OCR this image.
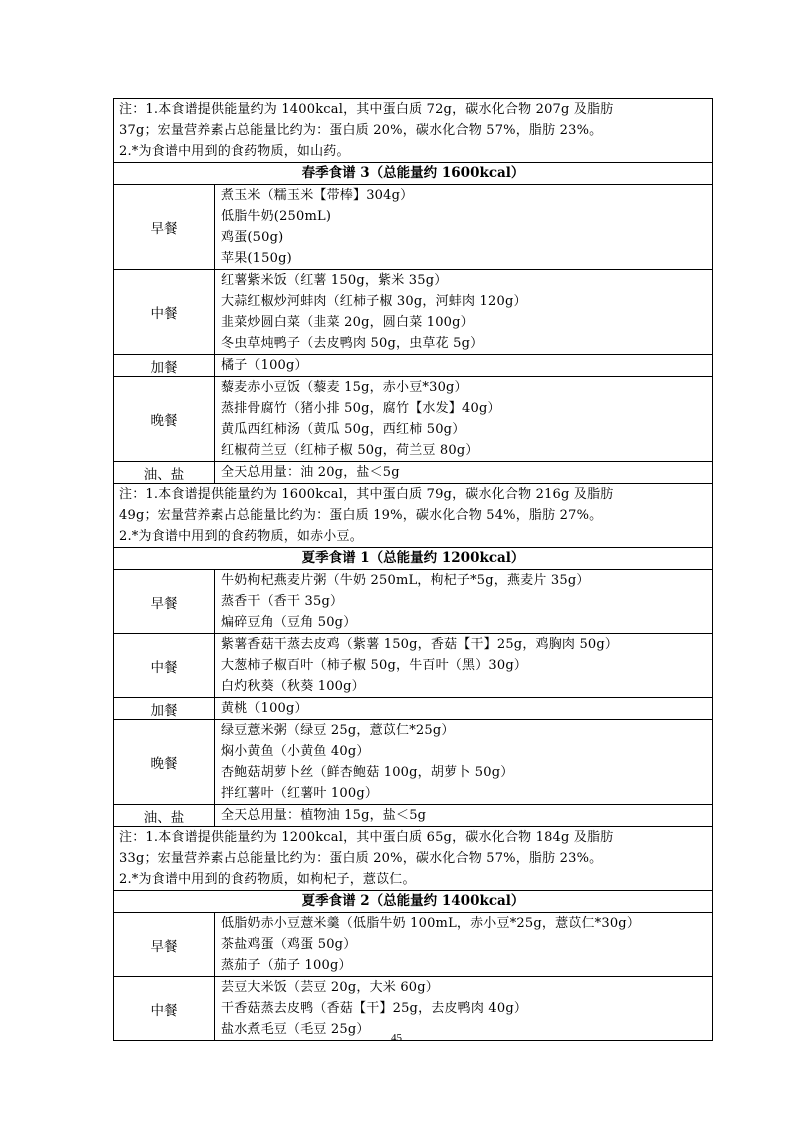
注：1.本食谱提供能量约为 1400kcal，其中蛋白质 72g，碳水化合物 207g 及脂肪
37g；宏量营养素占总能量比约为：蛋白质 20%，碳水化合物 57%，脂肪 23%。
2.*为食谱中用到的食药物质，如山药。	

春季食谱 3（总能量约 1600kcal）	
早餐	煮玉米（糯玉米【带棒】304g）
低脂牛奶(250mL)
鸡蛋(50g)
苹果(150g)

中餐	红薯紫米饭（红薯 150g，紫米 35g）
大蒜红椒炒河蚌肉（红柿子椒 30g，河蚌肉 120g）
韭菜炒圆白菜（韭菜 20g，圆白菜 100g）
冬虫草炖鸭子（去皮鸭肉 50g，虫草花 5g）

加餐	橘子（100g）

晚餐	藜麦赤小豆饭（藜麦 15g，赤小豆*30g）
蒸排骨腐竹（猪小排 50g，腐竹【水发】40g）
黄瓜西红柿汤（黄瓜 50g，西红柿 50g）
红椒荷兰豆（红柿子椒 50g，荷兰豆 80g）

油、盐	全天总用量：油 20g，盐＜5g

注：1.本食谱提供能量约为 1600kcal，其中蛋白质 79g，碳水化合物 216g 及脂肪
49g；宏量营养素占总能量比约为：蛋白质 19%，碳水化合物 54%，脂肪 27%。
2.*为食谱中用到的食药物质，如赤小豆。	

夏季食谱 1（总能量约 1200kcal）	
早餐	牛奶枸杞燕麦片粥（牛奶 250mL，枸杞子*5g，燕麦片 35g）
蒸香干（香干 35g）
煸碎豆角（豆角 50g）

中餐	紫薯香菇干蒸去皮鸡（紫薯 150g，香菇【干】25g，鸡胸肉 50g）
大葱柿子椒百叶（柿子椒 50g，牛百叶（黑）30g）
白灼秋葵（秋葵 100g）

加餐	黄桃（100g）

晚餐	绿豆薏米粥（绿豆 25g，薏苡仁*25g）
焖小黄鱼（小黄鱼 40g）
杏鲍菇胡萝卜丝（鲜杏鲍菇 100g，胡萝卜 50g）
拌红薯叶（红薯叶 100g）

油、盐	全天总用量：植物油 15g，盐＜5g

注：1.本食谱提供能量约为 1200kcal，其中蛋白质 65g，碳水化合物 184g 及脂肪
33g；宏量营养素占总能量比约为：蛋白质 20%，碳水化合物 57%，脂肪 23%。
2.*为食谱中用到的食药物质，如枸杞子，薏苡仁。	

夏季食谱 2（总能量约 1400kcal）	
早餐	低脂奶赤小豆薏米羹（低脂牛奶 100mL，赤小豆*25g，薏苡仁*30g）
茶盐鸡蛋（鸡蛋 50g）
蒸茄子（茄子 100g）

中餐	芸豆大米饭（芸豆 20g，大米 60g）
干香菇蒸去皮鸭（香菇【干】25g，去皮鸭肉 40g）
盐水煮毛豆（毛豆 25g）
45
